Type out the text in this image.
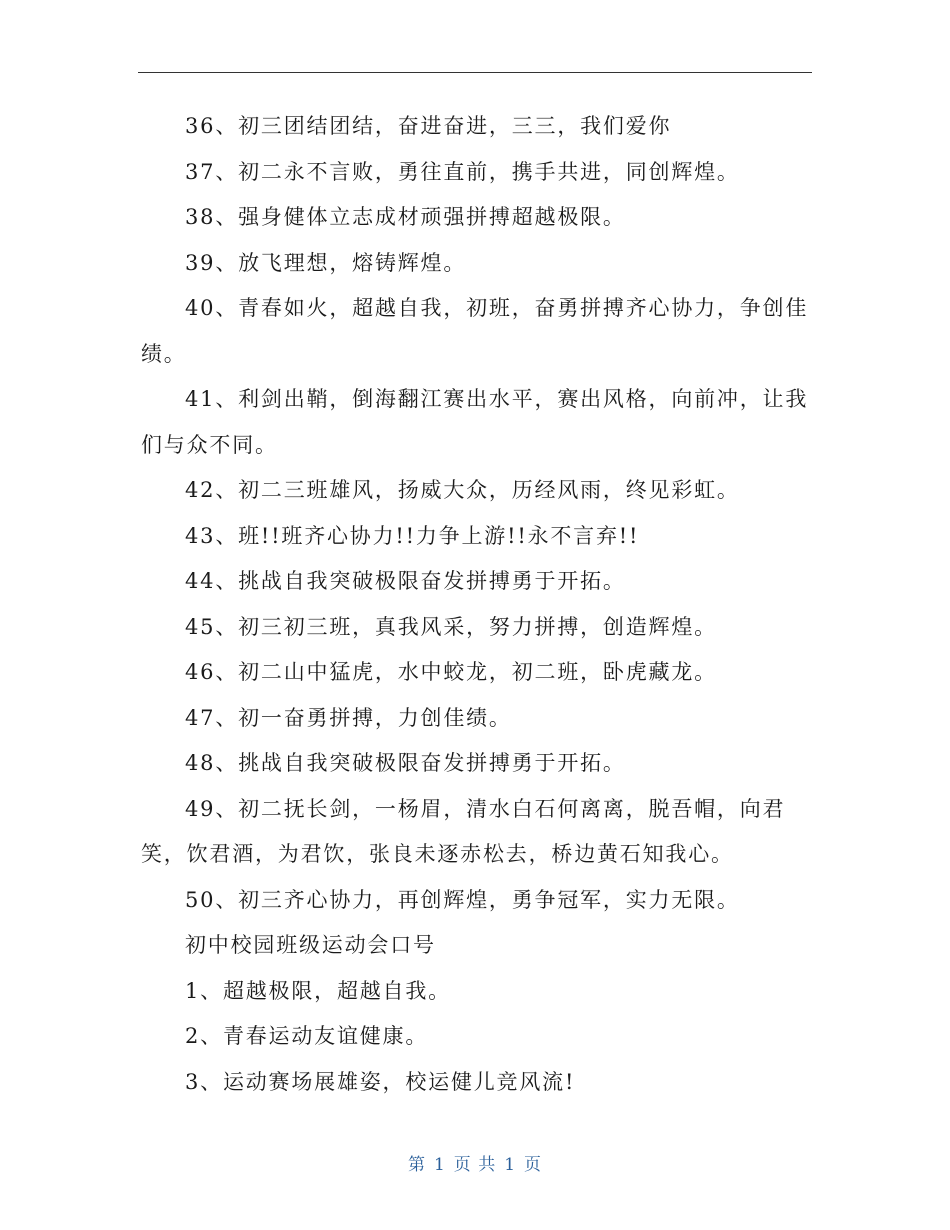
36、初三团结团结，奋进奋进，三三，我们爱你

37、初二永不言败，勇往直前，携手共进，同创辉煌。

38、强身健体立志成材顽强拼搏超越极限。

39、放飞理想，熔铸辉煌。

40、青春如火，超越自我，初班，奋勇拼搏齐心协力，争创佳绩。

41、利剑出鞘，倒海翻江赛出水平，赛出风格，向前冲，让我们与众不同。

42、初二三班雄风，扬威大众，历经风雨，终见彩虹。

43、班!!班齐心协力!!力争上游!!永不言弃!!

44、挑战自我突破极限奋发拼搏勇于开拓。

45、初三初三班，真我风采，努力拼搏，创造辉煌。

46、初二山中猛虎，水中蛟龙，初二班，卧虎藏龙。

47、初一奋勇拼搏，力创佳绩。

48、挑战自我突破极限奋发拼搏勇于开拓。

49、初二抚长剑，一杨眉，清水白石何离离，脱吾帽，向君笑，饮君酒，为君饮，张良未逐赤松去，桥边黄石知我心。

50、初三齐心协力，再创辉煌，勇争冠军，实力无限。

初中校园班级运动会口号

1、超越极限，超越自我。

2、青春运动友谊健康。

3、运动赛场展雄姿，校运健儿竞风流!

第 1 页 共 1 页
